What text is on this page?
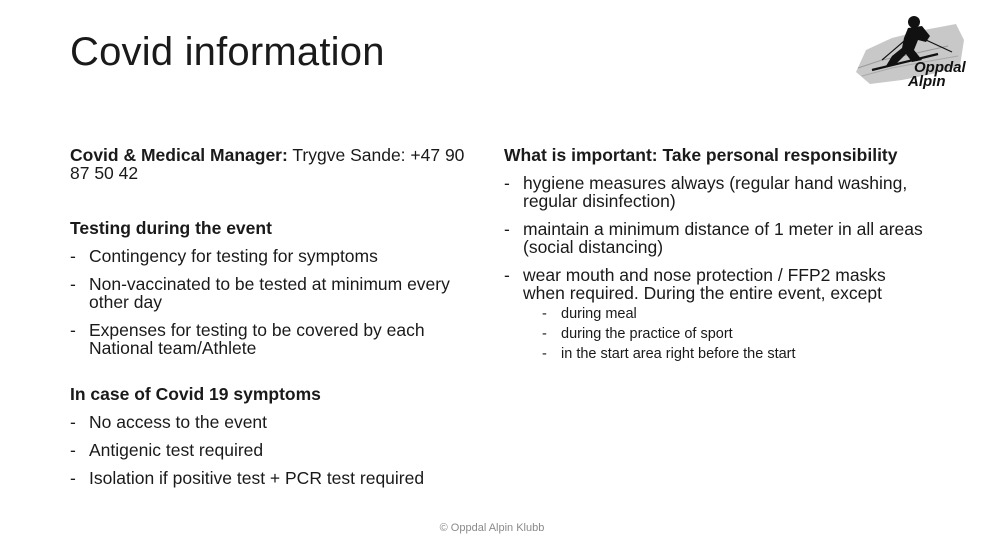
Covid information	Oppdal
Alpin

Covid & Medical Manager: Trygve Sande: +47 90 87 50 42

Testing during the event

- Contingency for testing for symptoms
- Non-vaccinated to be tested at minimum every other day
- Expenses for testing to be covered by each National team/Athlete

In case of Covid 19 symptoms

- No access to the event
- Antigenic test required
- Isolation if positive test + PCR test required

What is important: Take personal responsibility

- hygiene measures always (regular hand washing, regular disinfection)
- maintain a minimum distance of 1 meter in all areas (social distancing)
- wear mouth and nose protection / FFP2 masks when required. During the entire event, except
- during meal
- during the practice of sport
- in the start area right before the start
© Oppdal Alpin Klubb
